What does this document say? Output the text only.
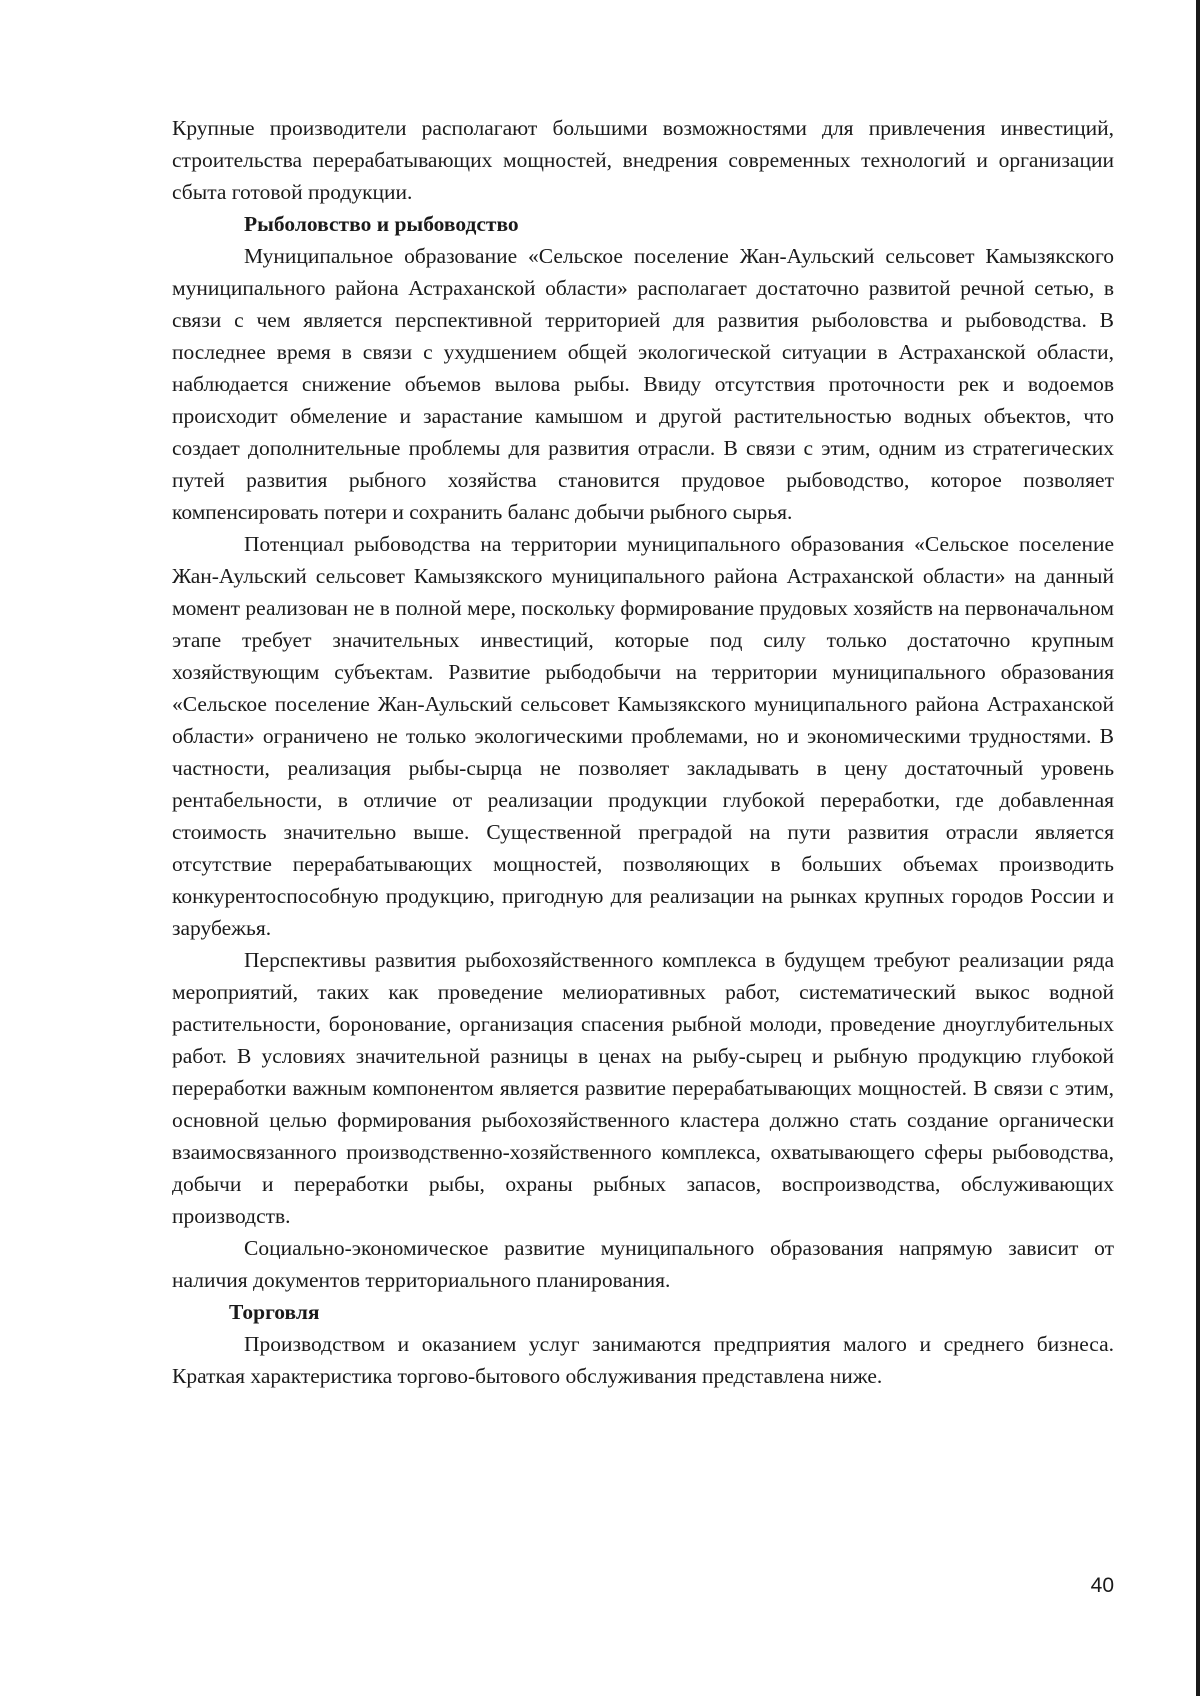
Крупные производители располагают большими возможностями для привлечения инвестиций, строительства перерабатывающих мощностей, внедрения современных технологий и организации сбыта готовой продукции.

Рыболовство и рыбоводство

Муниципальное образование «Сельское поселение Жан-Аульский сельсовет Камызякского муниципального района Астраханской области» располагает достаточно развитой речной сетью, в связи с чем является перспективной территорией для развития рыболовства и рыбоводства. В последнее время в связи с ухудшением общей экологической ситуации в Астраханской области, наблюдается снижение объемов вылова рыбы. Ввиду отсутствия проточности рек и водоемов происходит обмеление и зарастание камышом и другой растительностью водных объектов, что создает дополнительные проблемы для развития отрасли. В связи с этим, одним из стратегических путей развития рыбного хозяйства становится прудовое рыбоводство, которое позволяет компенсировать потери и сохранить баланс добычи рыбного сырья.

Потенциал рыбоводства на территории муниципального образования «Сельское поселение Жан-Аульский сельсовет Камызякского муниципального района Астраханской области» на данный момент реализован не в полной мере, поскольку формирование прудовых хозяйств на первоначальном этапе требует значительных инвестиций, которые под силу только достаточно крупным хозяйствующим субъектам. Развитие рыбодобычи на территории муниципального образования «Сельское поселение Жан-Аульский сельсовет Камызякского муниципального района Астраханской области» ограничено не только экологическими проблемами, но и экономическими трудностями. В частности, реализация рыбы-сырца не позволяет закладывать в цену достаточный уровень рентабельности, в отличие от реализации продукции глубокой переработки, где добавленная стоимость значительно выше. Существенной преградой на пути развития отрасли является отсутствие перерабатывающих мощностей, позволяющих в больших объемах производить конкурентоспособную продукцию, пригодную для реализации на рынках крупных городов России и зарубежья.

Перспективы развития рыбохозяйственного комплекса в будущем требуют реализации ряда мероприятий, таких как проведение мелиоративных работ, систематический выкос водной растительности, боронование, организация спасения рыбной молоди, проведение дноуглубительных работ. В условиях значительной разницы в ценах на рыбу-сырец и рыбную продукцию глубокой переработки важным компонентом является развитие перерабатывающих мощностей. В связи с этим, основной целью формирования рыбохозяйственного кластера должно стать создание органически взаимосвязанного производственно-хозяйственного комплекса, охватывающего сферы рыбоводства, добычи и переработки рыбы, охраны рыбных запасов, воспроизводства, обслуживающих производств.

Социально-экономическое развитие муниципального образования напрямую зависит от наличия документов территориального планирования.

Торговля

Производством и оказанием услуг занимаются предприятия малого и среднего бизнеса. Краткая характеристика торгово-бытового обслуживания представлена ниже.

40
